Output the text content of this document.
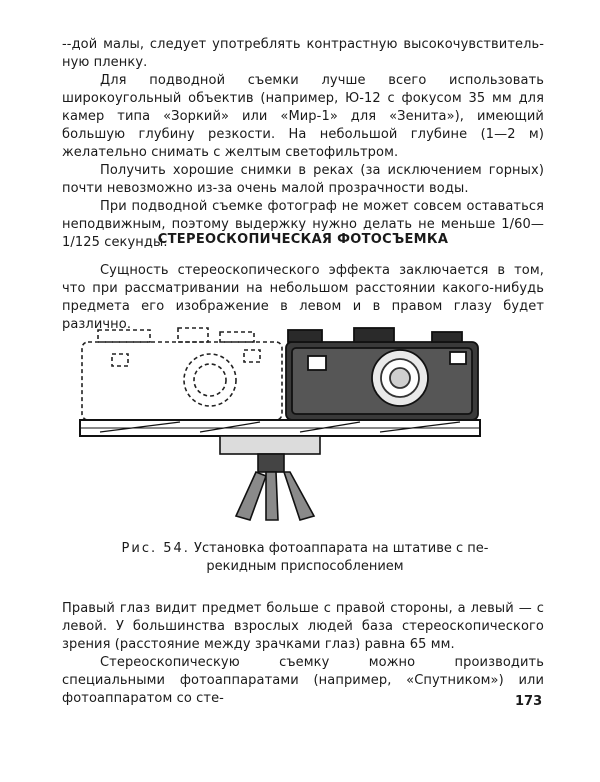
‑‑дой малы, следует употреблять контрастную высокочувствительную пленку.
Для подводной съемки лучше всего использовать широкоугольный объектив (например, Ю‑12 с фокусом 35 мм для камер типа «Зоркий» или «Мир‑1» для «Зенита»), имеющий большую глубину резкости. На небольшой глубине (1—2 м) желательно снимать с желтым светофильтром.
Получить хорошие снимки в реках (за исключением горных) почти невозможно из‑за очень малой прозрачности воды.
При подводной съемке фотограф не может совсем оставаться неподвижным, поэтому выдержку нужно делать не меньше 1/60—1/125 секунды.
СТЕРЕОСКОПИЧЕСКАЯ ФОТОСЪЕМКА
Сущность стереоскопического эффекта заключается в том, что при рассматривании на небольшом расстоянии какого‑нибудь предмета его изображение в левом и в правом глазу будет различно.
Рис. 54. Установка фотоаппарата на штативе с перекидным приспособлением
Правый глаз видит предмет больше с правой стороны, а левый — с левой. У большинства взрослых людей база стереоскопического зрения (расстояние между зрачками глаз) равна 65 мм.
Стереоскопическую съемку можно производить специальными фотоаппаратами (например, «Спутником») или фотоаппаратом со сте‑	173
